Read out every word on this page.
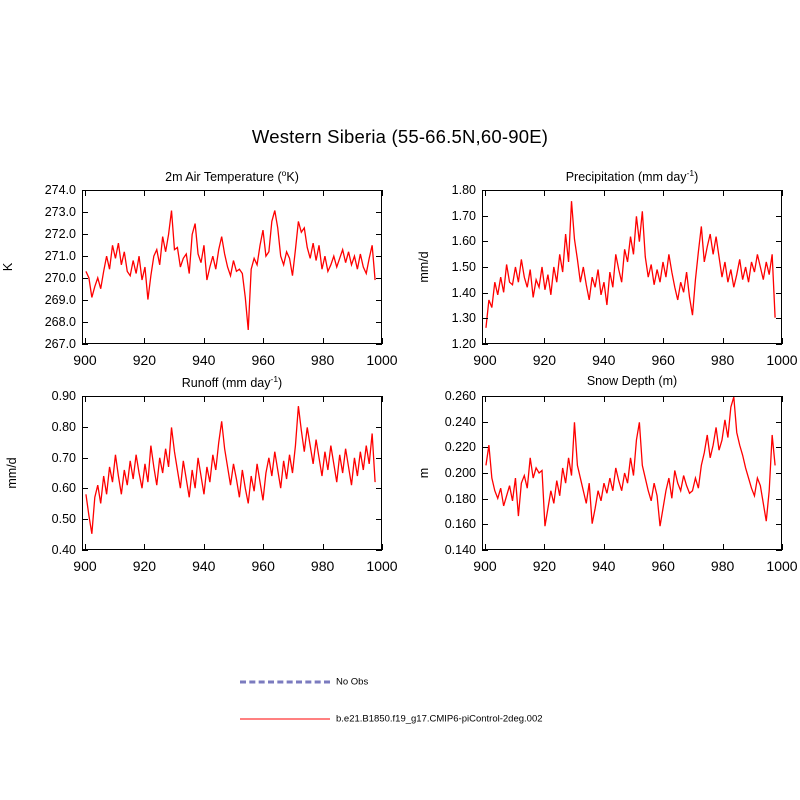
Western Siberia (55-66.5N,60-90E)
2m Air Temperature ($^o$K)	Precipitation (mm day$^{-1}$)
Runoff (mm day$^{-1}$)	Snow Depth (m)
267.0
268.0
269.0
270.0
271.0
272.0
273.0
274.0
900	920	940	960	980 1000
K
1.20
1.30
1.40
1.50
1.60
1.70
1.80
900	920	940	960	980 1000
mm/d
0.40
0.50
0.60
0.70
0.80
0.90
900	920	940	960	980 1000
mm/d
0.140
0.160
0.180
0.200
0.220
0.240
0.260
900	920	940	960	980 1000
m
No Obs
b.e21.B1850.f19_g17.CMIP6-piControl-2deg.002
